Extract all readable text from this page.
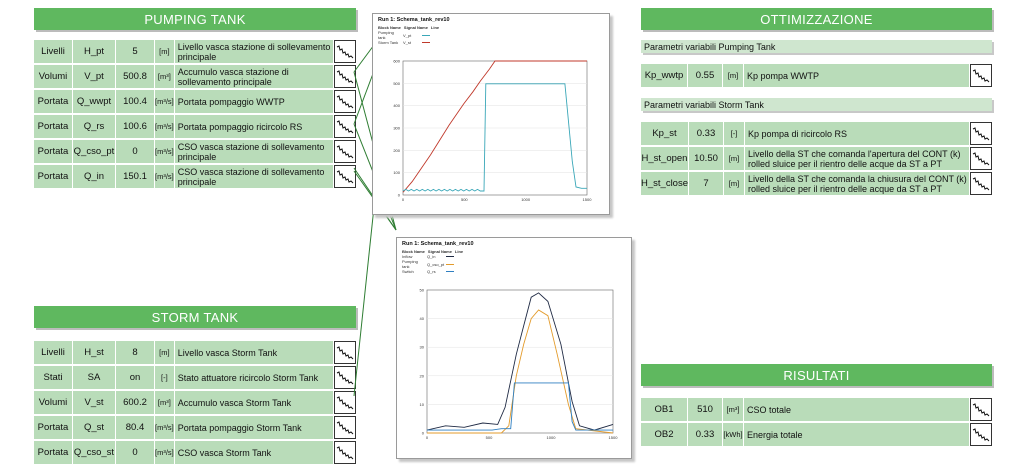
PUMPING TANK
Livelli	H_pt	5	[m]	Livello vasca stazione di sollevamento principale	

Volumi	V_pt	500.8	[m³]	Accumulo vasca stazione di sollevamento principale	

Portata	Q_wwpt	100.4	[m³/s]	Portata pompaggio WWTP	

Portata	Q_rs	100.6	[m³/s]	Portata pompaggio ricircolo RS	

Portata	Q_cso_pt	0	[m³/s]	CSO vasca stazione di sollevamento principale	

Portata	Q_in	150.1	[m³/s]	CSO vasca stazione di sollevamento principale	
STORM TANK
Livelli	H_st	8	[m]	Livello vasca Storm Tank	

Stati	SA	on	[-]	Stato attuatore ricircolo Storm Tank	

Volumi	V_st	600.2	[m³]	Accumulo vasca Storm Tank	

Portata	Q_st	80.4	[m³/s]	Portata pompaggio Storm Tank	

Portata	Q_cso_st	0	[m³/s]	CSO vasca Storm Tank	
OTTIMIZZAZIONE
Parametri variabili Pumping Tank
Kp_wwtp	0.55	[m]	Kp pompa WWTP	
Parametri variabili Storm Tank
Kp_st	0.33	[-]	Kp pompa di ricircolo RS	

H_st_open	10.50	[m]	Livello della ST che comanda l'apertura del CONT (k) rolled sluice per il rientro delle acque da ST a PT	

H_st_close	7	[m]	Livello della ST che comanda la chiusura del CONT (k) rolled sluice per il rientro delle acque da ST a PT	
RISULTATI
OB1	510	[m³]	CSO totale	

OB2	0.33	[kWh]	Energia totale	
Run 1: Schema_tank_rev10
Block Name Signal Name Line
Pumping tank	V_pt
Storm Tank	V_st
0
100
200
300
400
500
600
0	500	1000	1500
Run 1: Schema_tank_rev10
Block Name Signal Name Line
Inflow	Q_in
Pumping tank	Q_cso_pt
Switch	Q_rs
0
10
20
30
40
50
0	500	1000	1500
